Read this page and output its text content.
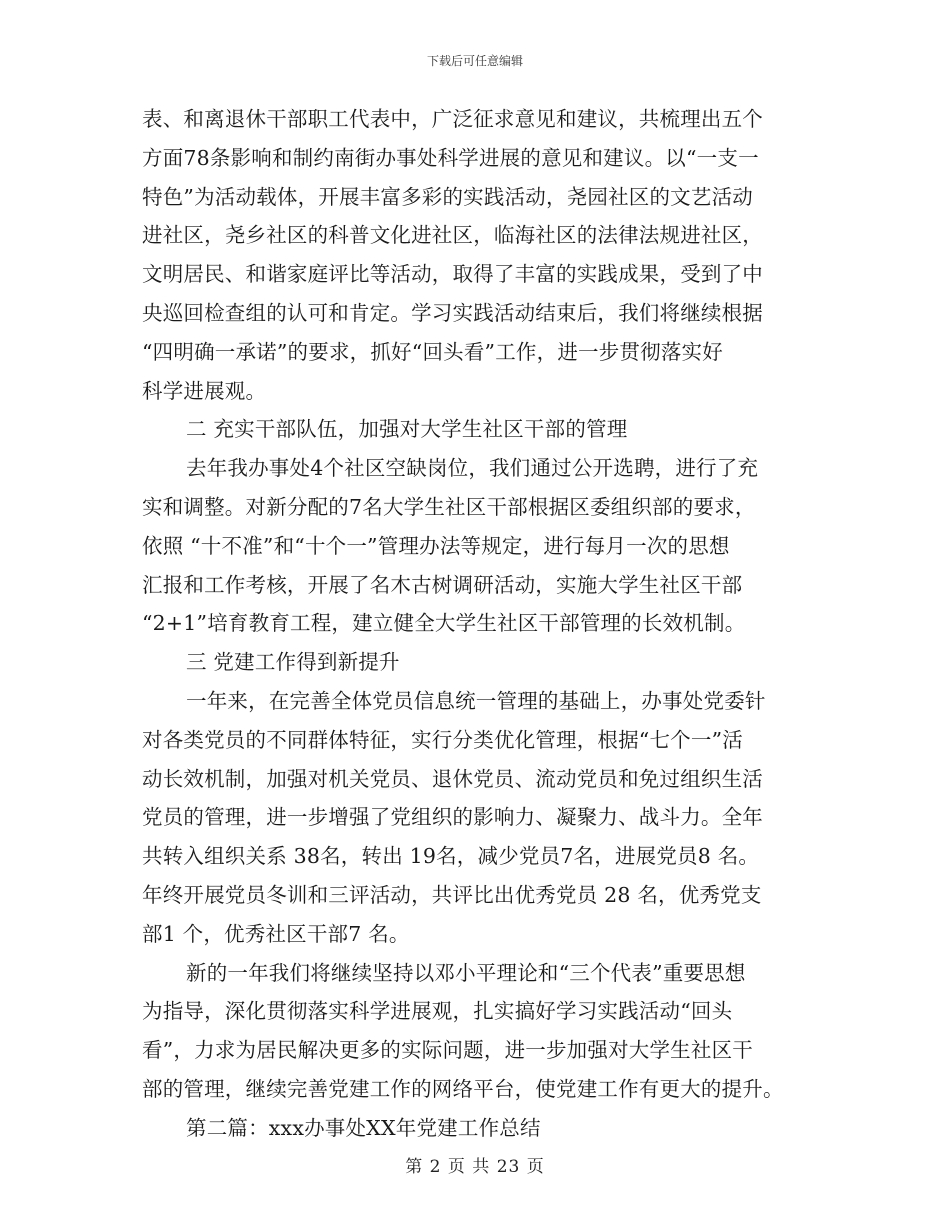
下载后可任意编辑
表、和离退休干部职工代表中，广泛征求意见和建议，共梳理出五个
方面78条影响和制约南街办事处科学进展的意见和建议。以“一支一
特色”为活动载体，开展丰富多彩的实践活动，尧园社区的文艺活动
进社区，尧乡社区的科普文化进社区，临海社区的法律法规进社区，
文明居民、和谐家庭评比等活动，取得了丰富的实践成果，受到了中
央巡回检查组的认可和肯定。学习实践活动结束后，我们将继续根据
“四明确一承诺”的要求，抓好“回头看”工作，进一步贯彻落实好
科学进展观。
二 充实干部队伍，加强对大学生社区干部的管理
去年我办事处4个社区空缺岗位，我们通过公开选聘，进行了充
实和调整。对新分配的7名大学生社区干部根据区委组织部的要求，
依照 “十不准”和“十个一”管理办法等规定，进行每月一次的思想
汇报和工作考核，开展了名木古树调研活动，实施大学生社区干部
“2+1”培育教育工程，建立健全大学生社区干部管理的长效机制。
三 党建工作得到新提升
一年来，在完善全体党员信息统一管理的基础上，办事处党委针
对各类党员的不同群体特征，实行分类优化管理，根据“七个一”活
动长效机制，加强对机关党员、退休党员、流动党员和免过组织生活
党员的管理，进一步增强了党组织的影响力、凝聚力、战斗力。全年
共转入组织关系 38名，转出 19名，减少党员7名，进展党员8 名。
年终开展党员冬训和三评活动，共评比出优秀党员 28 名，优秀党支
部1 个，优秀社区干部7 名。
新的一年我们将继续坚持以邓小平理论和“三个代表”重要思想
为指导，深化贯彻落实科学进展观，扎实搞好学习实践活动“回头
看”，力求为居民解决更多的实际问题，进一步加强对大学生社区干
部的管理，继续完善党建工作的网络平台，使党建工作有更大的提升。
第二篇：xxx办事处XX年党建工作总结
第 2 页 共 23 页
